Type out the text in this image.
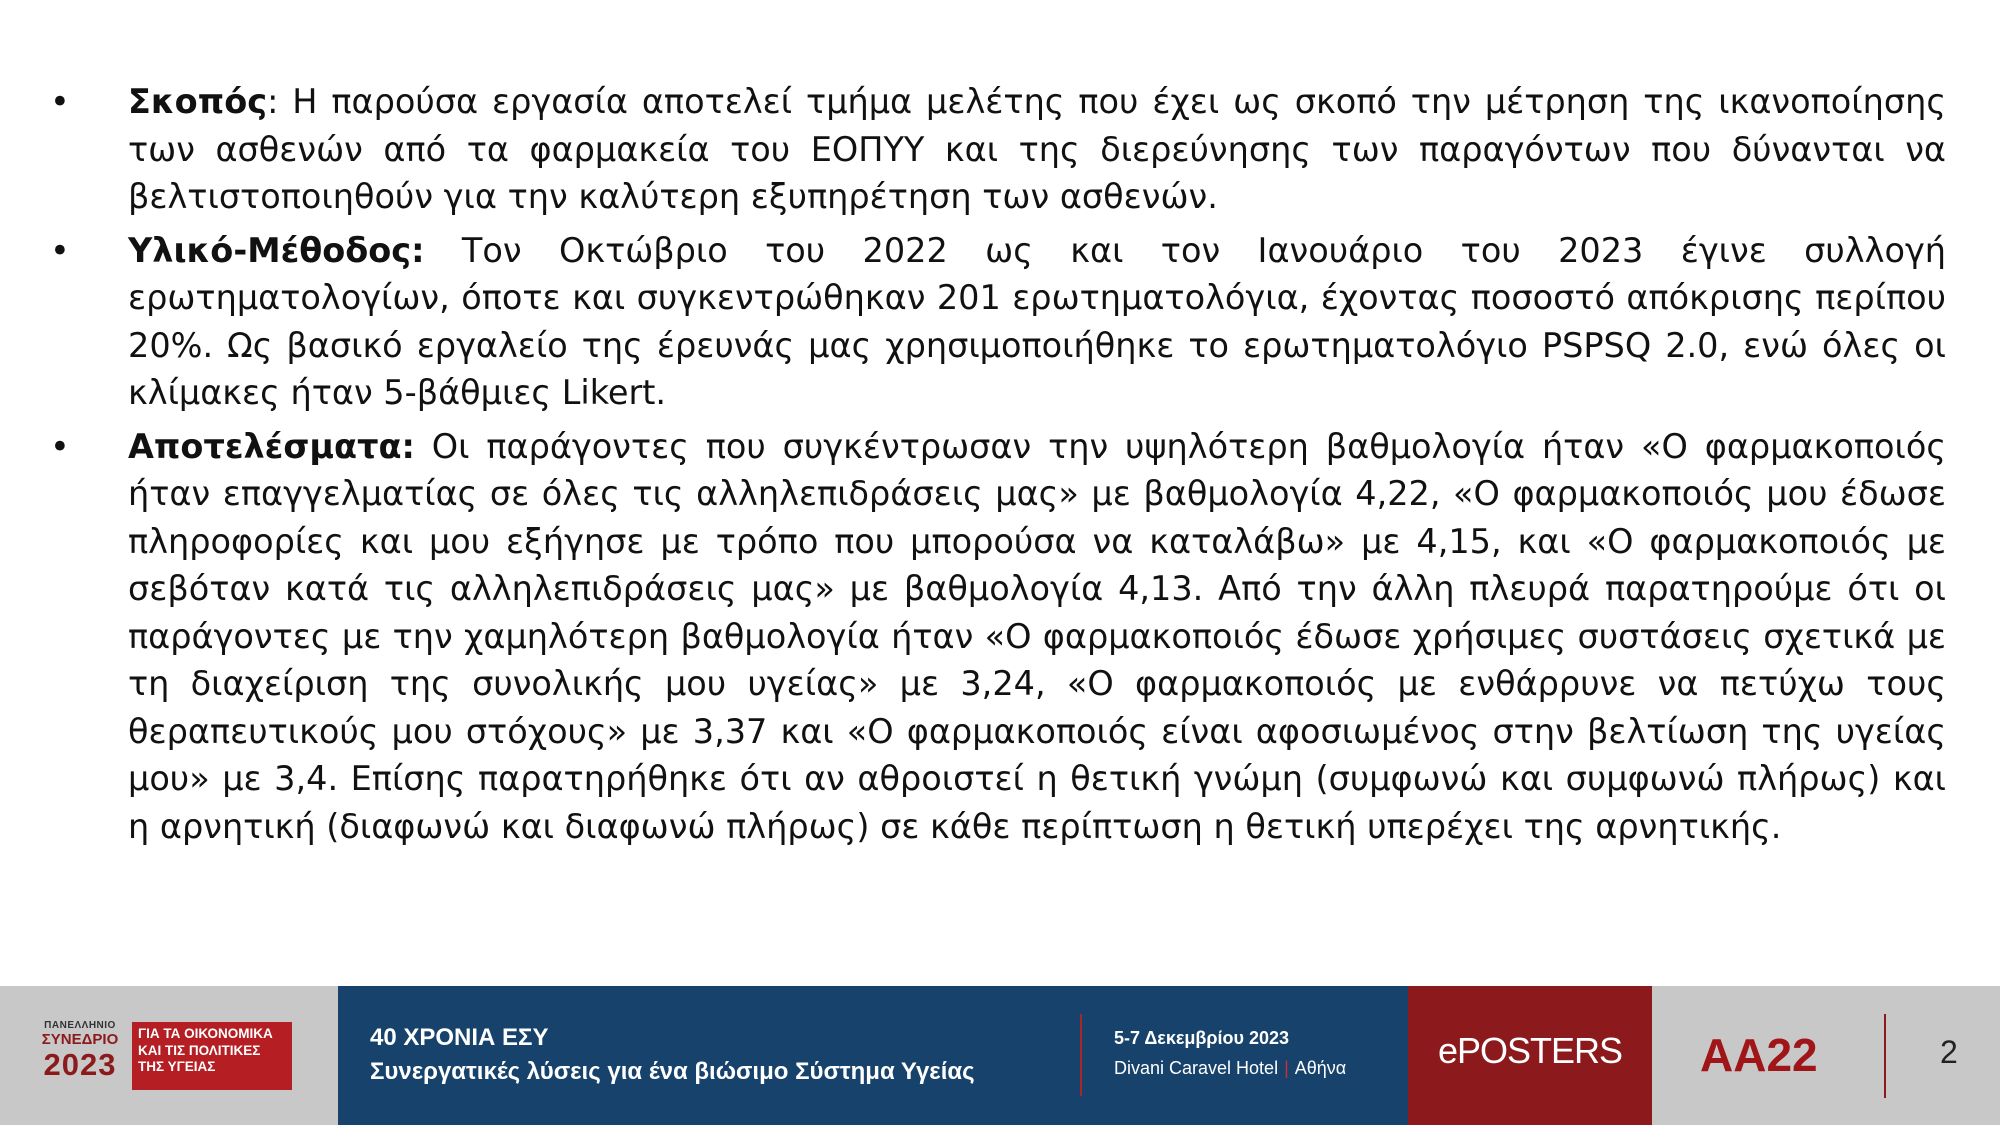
• Σκοπός: Η παρούσα εργασία αποτελεί τμήμα μελέτης που έχει ως σκοπό την μέτρηση της ικανοποίησης των ασθενών από τα φαρμακεία του ΕΟΠΥΥ και της διερεύνησης των παραγόντων που δύνανται να βελτιστοποιηθούν για την καλύτερη εξυπηρέτηση των ασθενών.
• Υλικό-Μέθοδος: Τον Οκτώβριο του 2022 ως και τον Ιανουάριο του 2023 έγινε συλλογή ερωτηματολογίων, όποτε και συγκεντρώθηκαν 201 ερωτηματολόγια, έχοντας ποσοστό απόκρισης περίπου 20%. Ως βασικό εργαλείο της έρευνάς μας χρησιμοποιήθηκε το ερωτηματολόγιο PSPSQ 2.0, ενώ όλες οι κλίμακες ήταν 5-βάθμιες Likert.
• Αποτελέσματα: Οι παράγοντες που συγκέντρωσαν την υψηλότερη βαθμολογία ήταν «Ο φαρμακοποιός ήταν επαγγελματίας σε όλες τις αλληλεπιδράσεις μας» με βαθμολογία 4,22, «Ο φαρμακοποιός μου έδωσε πληροφορίες και μου εξήγησε με τρόπο που μπορούσα να καταλάβω» με 4,15, και «Ο φαρμακοποιός με σεβόταν κατά τις αλληλεπιδράσεις μας» με βαθμολογία 4,13. Από την άλλη πλευρά παρατηρούμε ότι οι παράγοντες με την χαμηλότερη βαθμολογία ήταν «Ο φαρμακοποιός έδωσε χρήσιμες συστάσεις σχετικά με τη διαχείριση της συνολικής μου υγείας» με 3,24, «Ο φαρμακοποιός με ενθάρρυνε να πετύχω τους θεραπευτικούς μου στόχους» με 3,37 και «Ο φαρμακοποιός είναι αφοσιωμένος στην βελτίωση της υγείας μου» με 3,4. Επίσης παρατηρήθηκε ότι αν αθροιστεί η θετική γνώμη (συμφωνώ και συμφωνώ πλήρως) και η αρνητική (διαφωνώ και διαφωνώ πλήρως) σε κάθε περίπτωση η θετική υπερέχει της αρνητικής.
ΠΑΝΕΛΛΗΝΙΟ
ΣΥΝΕΔΡΙΟ
2023
ΓΙΑ ΤΑ ΟΙΚΟΝΟΜΙΚΑ
ΚΑΙ ΤΙΣ ΠΟΛΙΤΙΚΕΣ
ΤΗΣ ΥΓΕΙΑΣ
40 ΧΡΟΝΙΑ ΕΣΥ
Συνεργατικές λύσεις για ένα βιώσιμο Σύστημα Υγείας
5-7 Δεκεμβρίου 2023
Divani Caravel Hotel | Αθήνα	ePOSTERS	AA22	2
